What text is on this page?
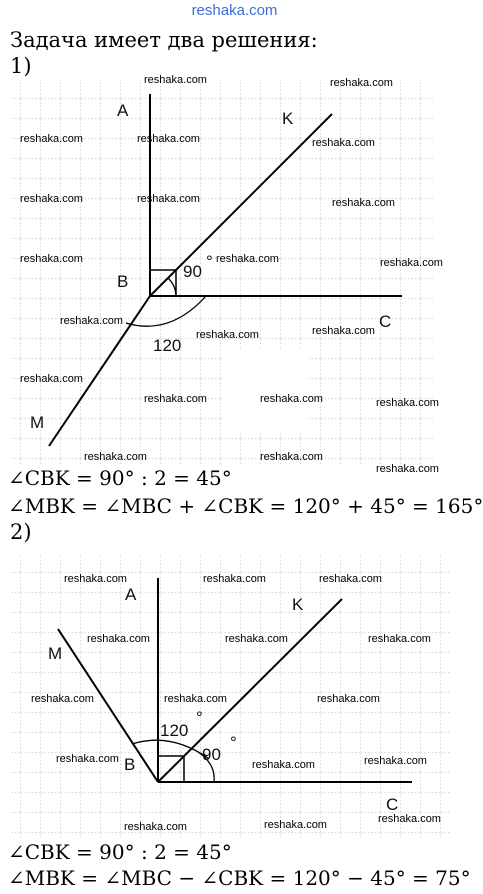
reshaka.com
Задача имеет два решения:
1)
A	K
B
C
M
90
°
120
reshaka.com
reshaka.com	reshaka.com
reshaka.com	reshaka.com
reshaka.com	reshaka.com	reshaka.com
reshaka.com	reshaka.com	reshaka.com
reshaka.com
reshaka.com
reshaka.com
reshaka.com
reshaka.com	reshaka.com	reshaka.com
reshaka.com	reshaka.com
reshaka.com
∠CBK = 90° : 2 = 45°
∠MBK = ∠MBC + ∠CBK = 120° + 45° = 165°
2)
A
K
M
B
C
120
°
90
°
reshaka.com	reshaka.com	reshaka.com
reshaka.com	reshaka.com	reshaka.com
reshaka.com	reshaka.com	reshaka.com
reshaka.com	reshaka.com	reshaka.com
reshaka.com	reshaka.com	reshaka.com
∠CBK = 90° : 2 = 45°
∠MBK = ∠MBC − ∠CBK = 120° − 45° = 75°
